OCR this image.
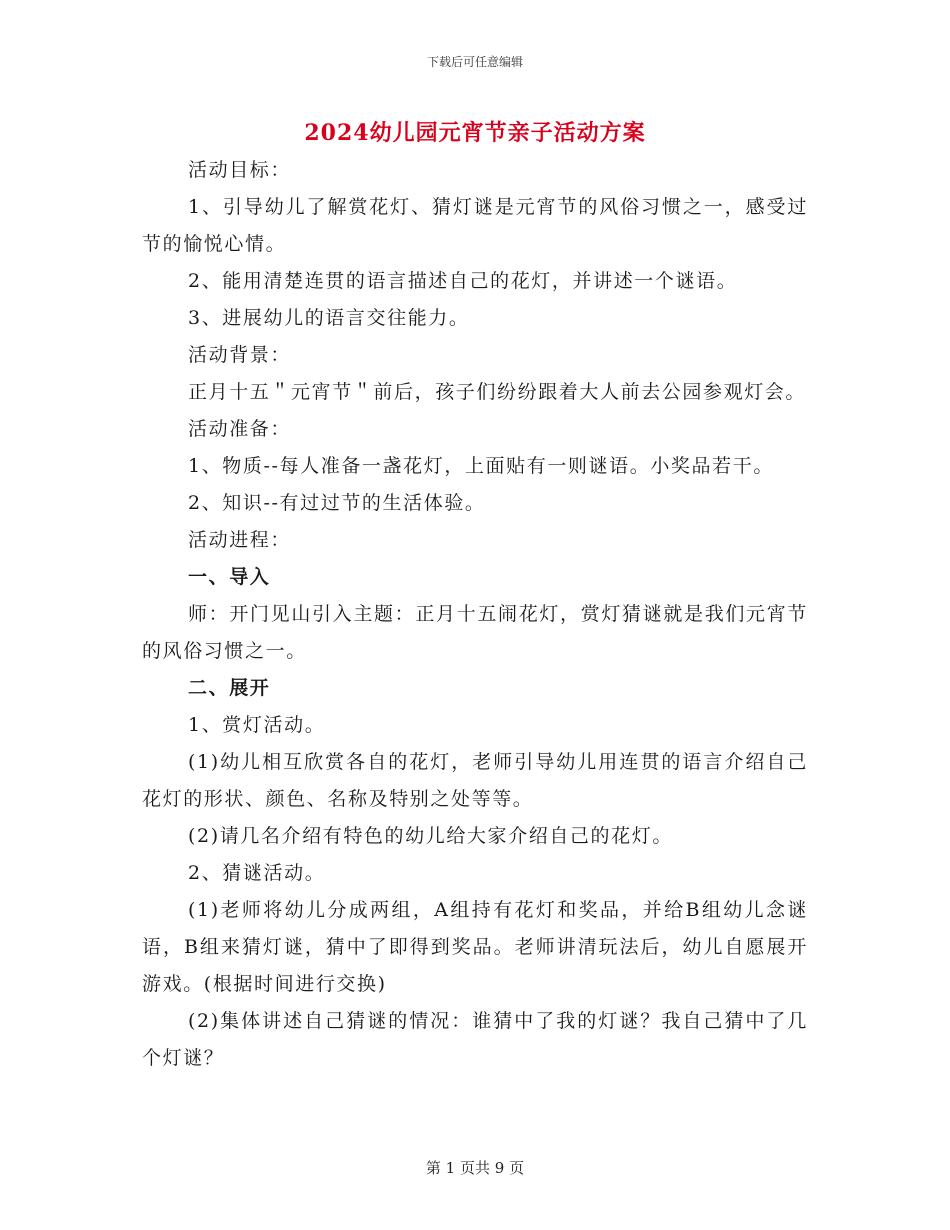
下载后可任意编辑
2024幼儿园元宵节亲子活动方案

活动目标：

1、引导幼儿了解赏花灯、猜灯谜是元宵节的风俗习惯之一，感受过节的愉悦心情。

2、能用清楚连贯的语言描述自己的花灯，并讲述一个谜语。

3、进展幼儿的语言交往能力。

活动背景：

正月十五＂元宵节＂前后，孩子们纷纷跟着大人前去公园参观灯会。

活动准备：

1、物质--每人准备一盏花灯，上面贴有一则谜语。小奖品若干。

2、知识--有过过节的生活体验。

活动进程：

一、导入

师：开门见山引入主题：正月十五闹花灯，赏灯猜谜就是我们元宵节的风俗习惯之一。

二、展开

1、赏灯活动。

(1)幼儿相互欣赏各自的花灯，老师引导幼儿用连贯的语言介绍自己花灯的形状、颜色、名称及特别之处等等。

(2)请几名介绍有特色的幼儿给大家介绍自己的花灯。

2、猜谜活动。

(1)老师将幼儿分成两组，A组持有花灯和奖品，并给B组幼儿念谜语，B组来猜灯谜，猜中了即得到奖品。老师讲清玩法后，幼儿自愿展开游戏。(根据时间进行交换)

(2)集体讲述自己猜谜的情况：谁猜中了我的灯谜？我自己猜中了几个灯谜？

第 1 页共 9 页
